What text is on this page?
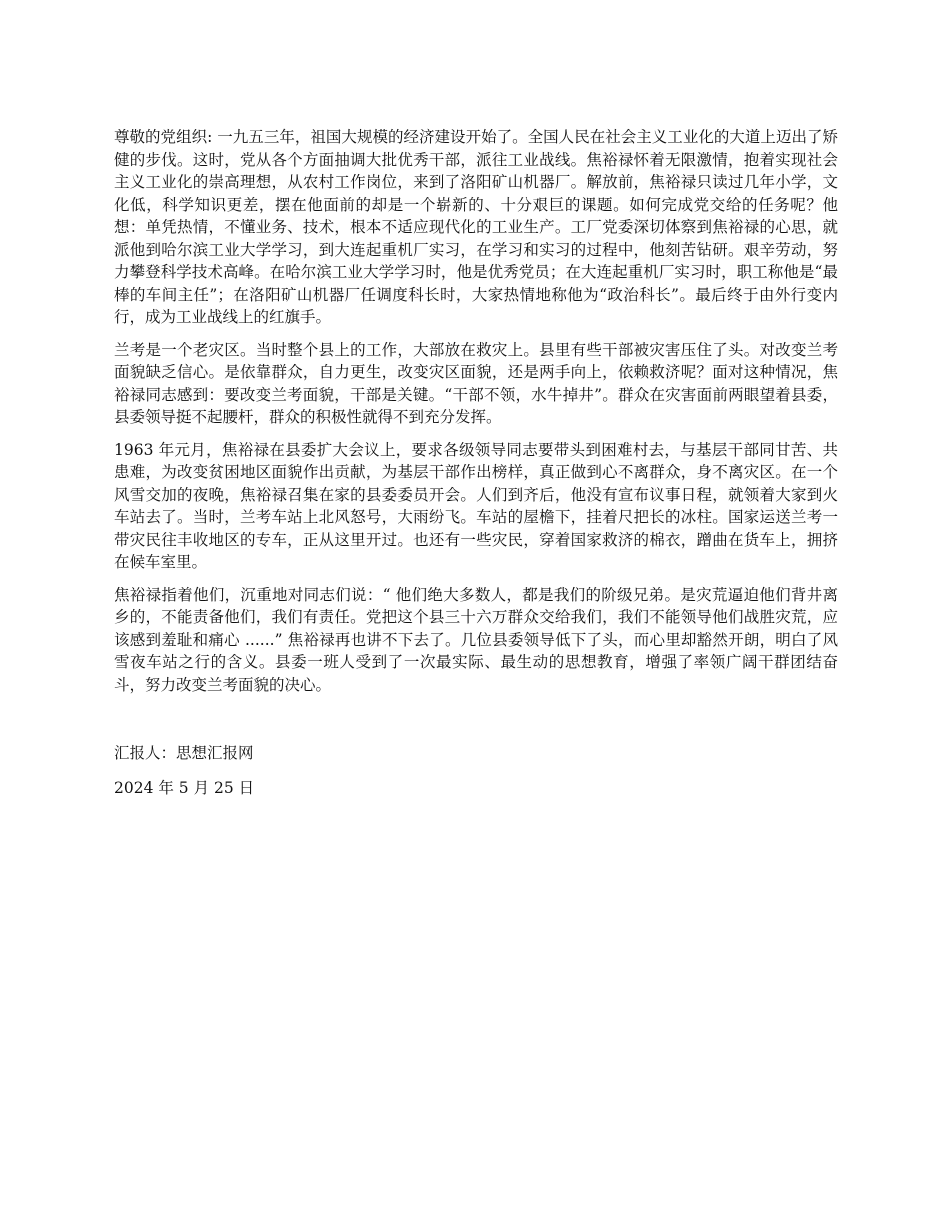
尊敬的党组织: 一九五三年，祖国大规模的经济建设开始了。全国人民在社会主义工业化的大道上迈出了矫健的步伐。这时，党从各个方面抽调大批优秀干部，派往工业战线。焦裕禄怀着无限激情，抱着实现社会主义工业化的崇高理想，从农村工作岗位，来到了洛阳矿山机器厂。解放前，焦裕禄只读过几年小学，文化低，科学知识更差，摆在他面前的却是一个崭新的、十分艰巨的课题。如何完成党交给的任务呢？他想：单凭热情，不懂业务、技术，根本不适应现代化的工业生产。工厂党委深切体察到焦裕禄的心思，就派他到哈尔滨工业大学学习，到大连起重机厂实习，在学习和实习的过程中，他刻苦钻研。艰辛劳动，努力攀登科学技术高峰。在哈尔滨工业大学学习时，他是优秀党员；在大连起重机厂实习时，职工称他是“最棒的车间主任”；在洛阳矿山机器厂任调度科长时，大家热情地称他为“政治科长”。最后终于由外行变内行，成为工业战线上的红旗手。

兰考是一个老灾区。当时整个县上的工作，大部放在救灾上。县里有些干部被灾害压住了头。对改变兰考面貌缺乏信心。是依靠群众，自力更生，改变灾区面貌，还是两手向上，依赖救济呢？面对这种情况，焦裕禄同志感到：要改变兰考面貌，干部是关键。“干部不领，水牛掉井”。群众在灾害面前两眼望着县委，县委领导挺不起腰杆，群众的积极性就得不到充分发挥。

1963 年元月，焦裕禄在县委扩大会议上，要求各级领导同志要带头到困难村去，与基层干部同甘苦、共患难，为改变贫困地区面貌作出贡献，为基层干部作出榜样，真正做到心不离群众，身不离灾区。在一个风雪交加的夜晚，焦裕禄召集在家的县委委员开会。人们到齐后，他没有宣布议事日程，就领着大家到火车站去了。当时，兰考车站上北风怒号，大雨纷飞。车站的屋檐下，挂着尺把长的冰柱。国家运送兰考一带灾民往丰收地区的专车，正从这里开过。也还有一些灾民，穿着国家救济的棉衣，蹭曲在货车上，拥挤在候车室里。

焦裕禄指着他们，沉重地对同志们说：“ 他们绝大多数人，都是我们的阶级兄弟。是灾荒逼迫他们背井离乡的，不能责备他们，我们有责任。党把这个县三十六万群众交给我们，我们不能领导他们战胜灾荒，应该感到羞耻和痛心 ......” 焦裕禄再也讲不下去了。几位县委领导低下了头，而心里却豁然开朗，明白了风雪夜车站之行的含义。县委一班人受到了一次最实际、最生动的思想教育，增强了率领广阔干群团结奋斗，努力改变兰考面貌的决心。

汇报人：思想汇报网

2024 年 5 月 25 日
